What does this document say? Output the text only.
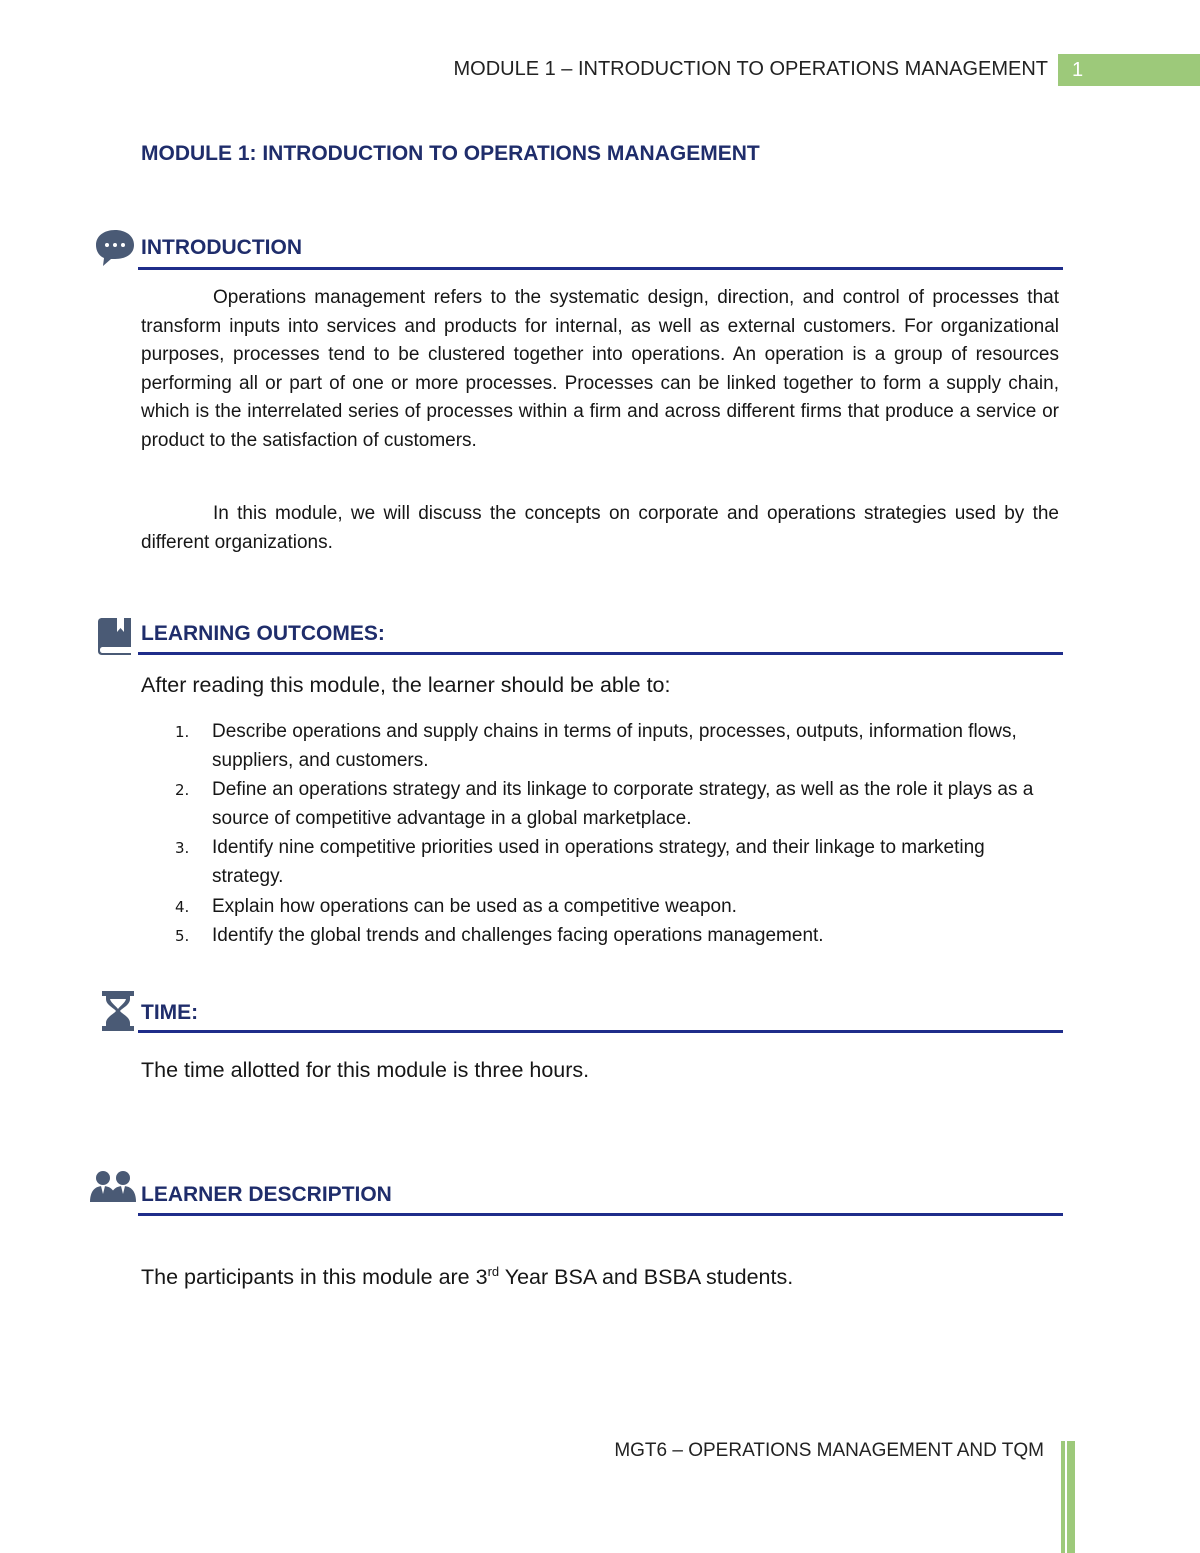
MODULE 1 – INTRODUCTION TO OPERATIONS MANAGEMENT	1
MODULE 1: INTRODUCTION TO OPERATIONS MANAGEMENT
INTRODUCTION

Operations management refers to the systematic design, direction, and control of processes that transform inputs into services and products for internal, as well as external customers. For organizational purposes, processes tend to be clustered together into operations. An operation is a group of resources performing all or part of one or more processes. Processes can be linked together to form a supply chain, which is the interrelated series of processes within a firm and across different firms that produce a service or product to the satisfaction of customers.

In this module, we will discuss the concepts on corporate and operations strategies used by the different organizations.

LEARNING OUTCOMES:
After reading this module, the learner should be able to:
1. Describe operations and supply chains in terms of inputs, processes, outputs, information flows, suppliers, and customers.
2. Define an operations strategy and its linkage to corporate strategy, as well as the role it plays as a source of competitive advantage in a global marketplace.
3. Identify nine competitive priorities used in operations strategy, and their linkage to marketing strategy.
4. Explain how operations can be used as a competitive weapon.
5. Identify the global trends and challenges facing operations management.
TIME:
The time allotted for this module is three hours.
LEARNER DESCRIPTION
The participants in this module are 3rd Year BSA and BSBA students.
MGT6 – OPERATIONS MANAGEMENT AND TQM
